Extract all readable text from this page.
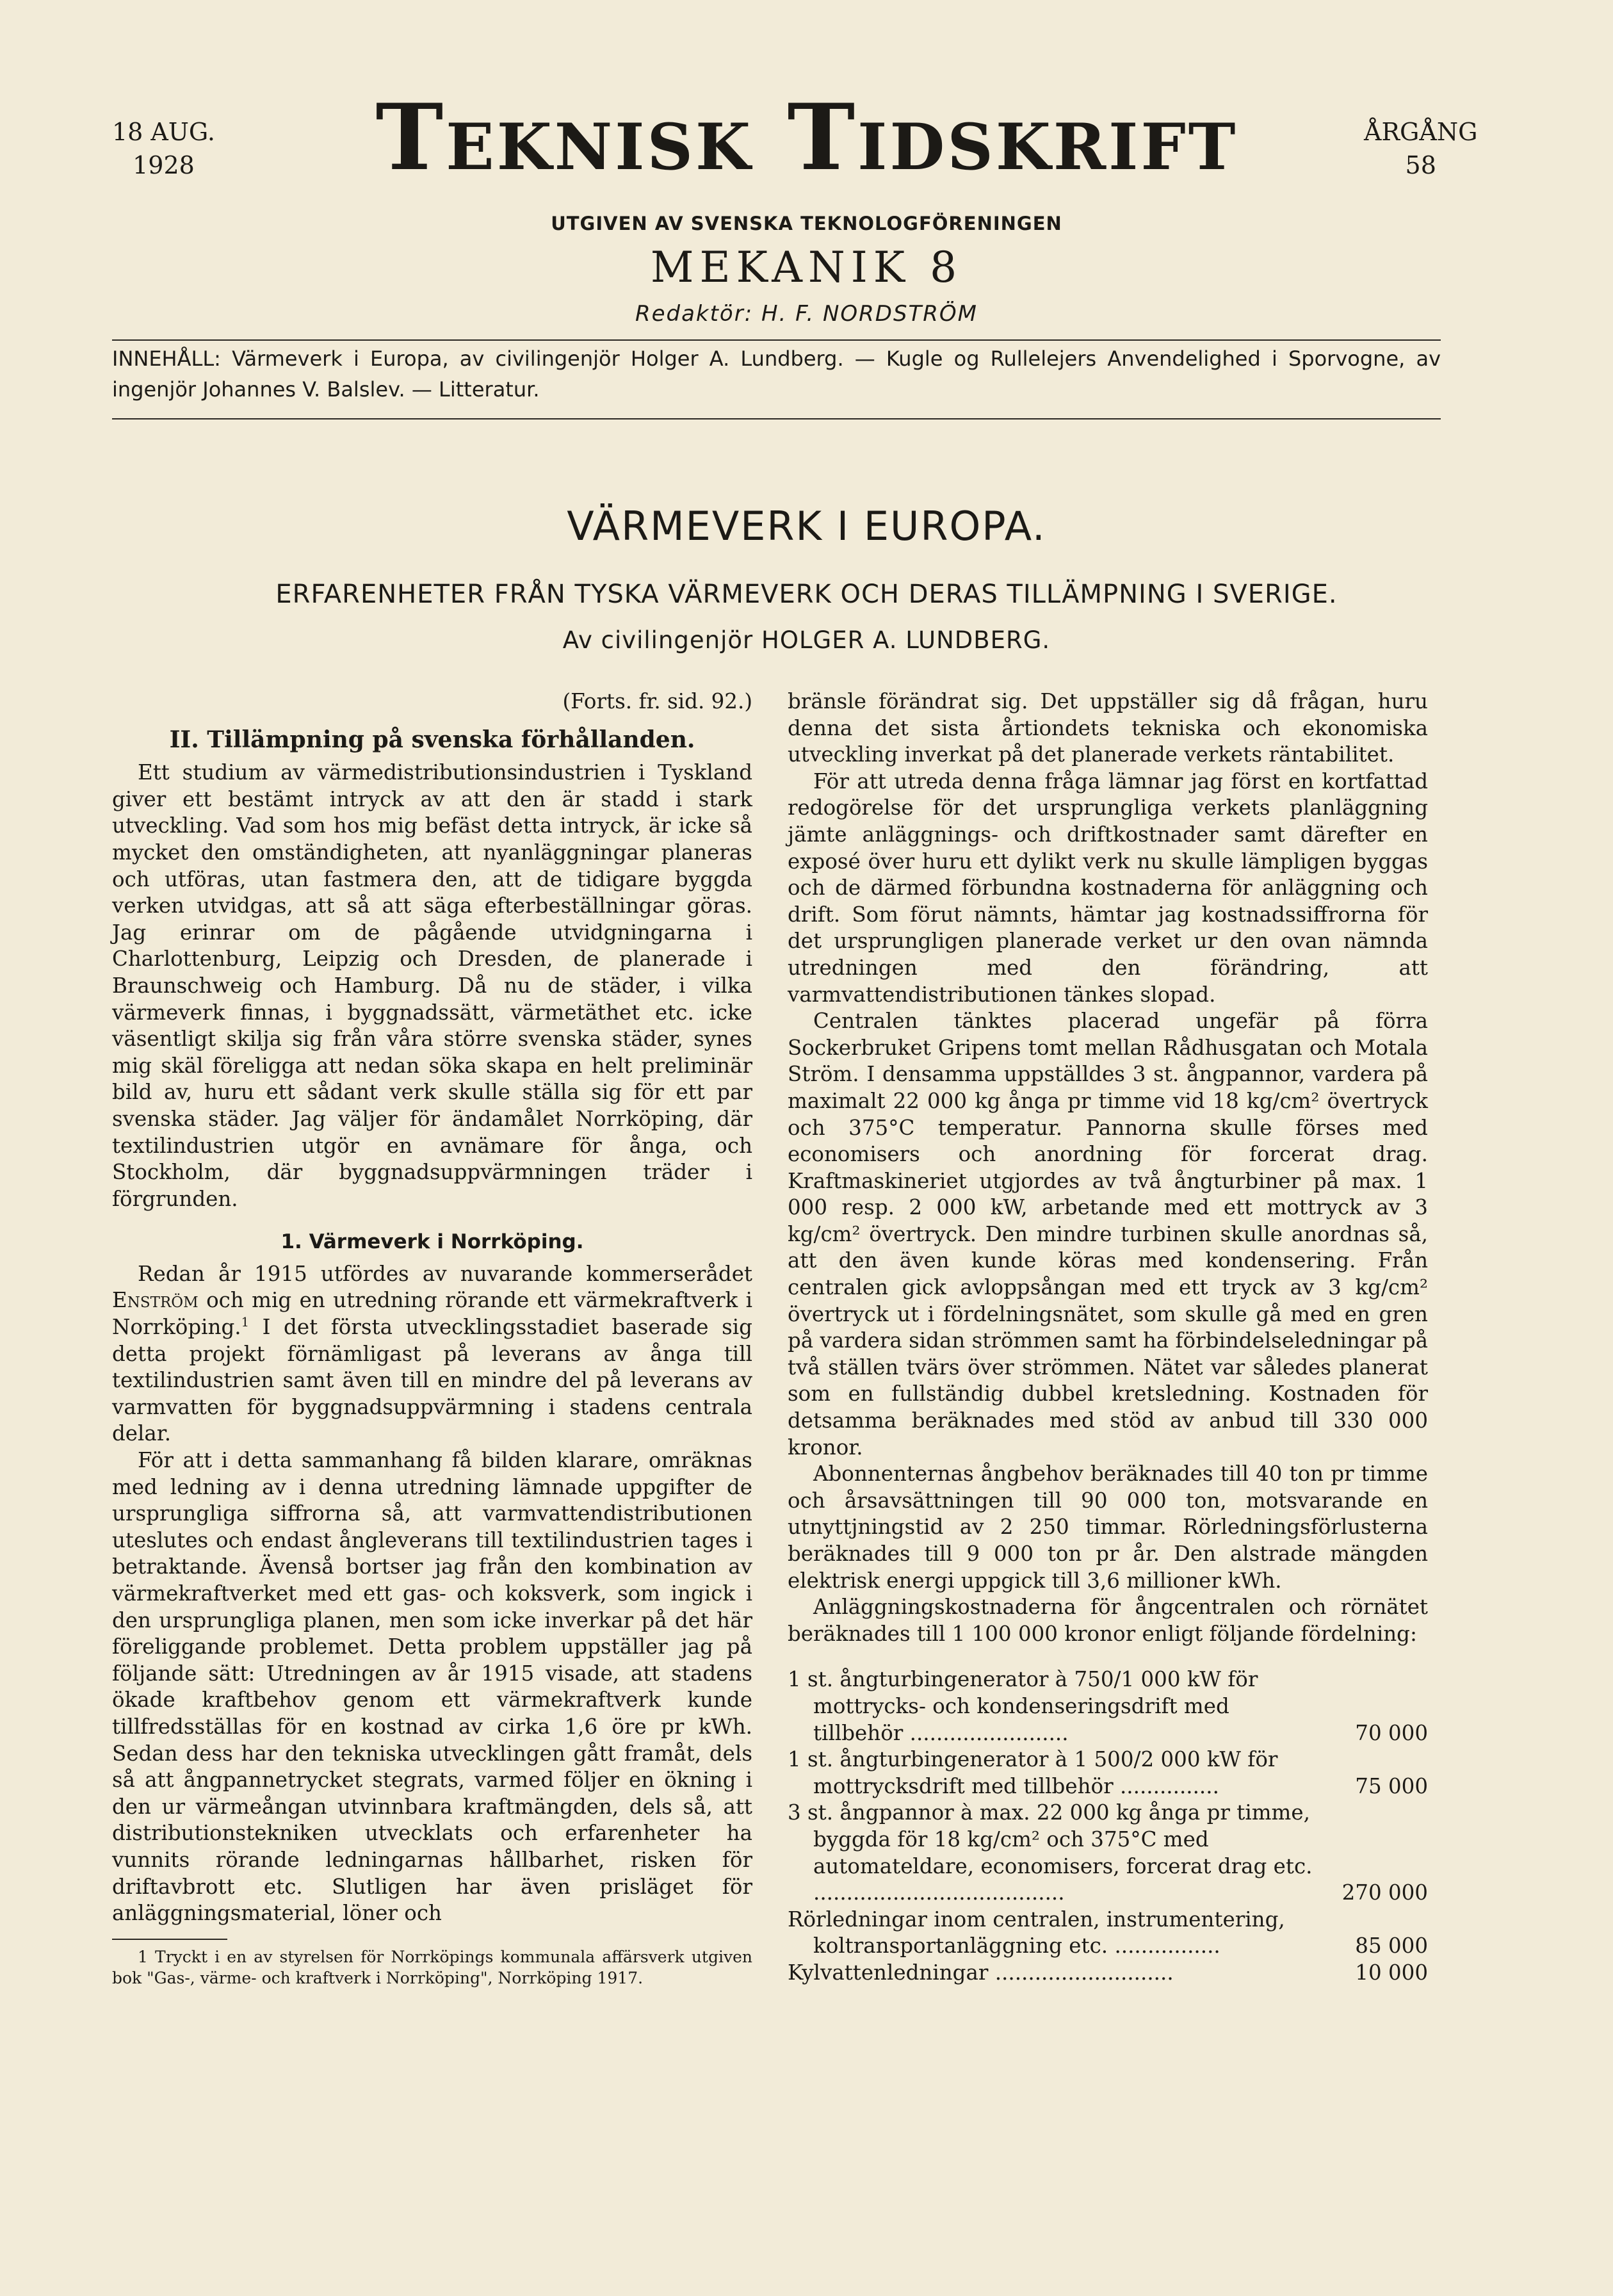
18 AUG.
1928	Teknisk Tidskrift	ÅRGÅNG
58
UTGIVEN AV SVENSKA TEKNOLOGFÖRENINGEN
MEKANIK 8
Redaktör: H. F. NORDSTRÖM
INNEHÅLL: Värmeverk i Europa, av civilingenjör Holger A. Lundberg. — Kugle og Rullelejers Anvendelighed i Sporvogne, av ingenjör Johannes V. Balslev. — Litteratur.
VÄRMEVERK I EUROPA.
ERFARENHETER FRÅN TYSKA VÄRMEVERK OCH DERAS TILLÄMPNING I SVERIGE.
Av civilingenjör HOLGER A. LUNDBERG.

(Forts. fr. sid. 92.)

II. Tillämpning på svenska förhållanden.

Ett studium av värmedistributionsindustrien i Tyskland giver ett bestämt intryck av att den är stadd i stark utveckling. Vad som hos mig befäst detta intryck, är icke så mycket den omständigheten, att nyanläggningar planeras och utföras, utan fastmera den, att de tidigare byggda verken utvidgas, att så att säga efterbeställningar göras. Jag erinrar om de pågående utvidgningarna i Charlottenburg, Leipzig och Dresden, de planerade i Braunschweig och Hamburg. Då nu de städer, i vilka värmeverk finnas, i byggnadssätt, värmetäthet etc. icke väsentligt skilja sig från våra större svenska städer, synes mig skäl föreligga att nedan söka skapa en helt preliminär bild av, huru ett sådant verk skulle ställa sig för ett par svenska städer. Jag väljer för ändamålet Norrköping, där textilindustrien utgör en avnämare för ånga, och Stockholm, där byggnadsuppvärmningen träder i förgrunden.

1. Värmeverk i Norrköping.

Redan år 1915 utfördes av nuvarande kommerserådet Enström och mig en utredning rörande ett värmekraftverk i Norrköping.$^1$ I det första utvecklingsstadiet baserade sig detta projekt förnämligast på leverans av ånga till textilindustrien samt även till en mindre del på leverans av varmvatten för byggnadsuppvärmning i stadens centrala delar.

För att i detta sammanhang få bilden klarare, omräknas med ledning av i denna utredning lämnade uppgifter de ursprungliga siffrorna så, att varmvattendistributionen uteslutes och endast ångleverans till textilindustrien tages i betraktande. Ävenså bortser jag från den kombination av värmekraftverket med ett gas- och koksverk, som ingick i den ursprungliga planen, men som icke inverkar på det här föreliggande problemet. Detta problem uppställer jag på följande sätt: Utredningen av år 1915 visade, att stadens ökade kraftbehov genom ett värmekraftverk kunde tillfredsställas för en kostnad av cirka 1,6 öre pr kWh. Sedan dess har den tekniska utvecklingen gått framåt, dels så att ångpannetrycket stegrats, varmed följer en ökning i den ur värmeångan utvinnbara kraftmängden, dels så, att distributionstekniken utvecklats och erfarenheter ha vunnits rörande ledningarnas hållbarhet, risken för driftavbrott etc. Slutligen har även prisläget för anläggningsmaterial, löner och

1 Tryckt i en av styrelsen för Norrköpings kommunala affärsverk utgiven bok "Gas-, värme- och kraftverk i Norrköping", Norrköping 1917.

bränsle förändrat sig. Det uppställer sig då frågan, huru denna det sista årtiondets tekniska och ekonomiska utveckling inverkat på det planerade verkets räntabilitet.

För att utreda denna fråga lämnar jag först en kortfattad redogörelse för det ursprungliga verkets planläggning jämte anläggnings- och driftkostnader samt därefter en exposé över huru ett dylikt verk nu skulle lämpligen byggas och de därmed förbundna kostnaderna för anläggning och drift. Som förut nämnts, hämtar jag kostnadssiffrorna för det ursprungligen planerade verket ur den ovan nämnda utredningen med den förändring, att varmvattendistributionen tänkes slopad.

Centralen tänktes placerad ungefär på förra Sockerbruket Gripens tomt mellan Rådhusgatan och Motala Ström. I densamma uppställdes 3 st. ångpannor, vardera på maximalt 22 000 kg ånga pr timme vid 18 kg/cm² övertryck och 375°C temperatur. Pannorna skulle förses med economisers och anordning för forcerat drag. Kraftmaskineriet utgjordes av två ångturbiner på max. 1 000 resp. 2 000 kW, arbetande med ett mottryck av 3 kg/cm² övertryck. Den mindre turbinen skulle anordnas så, att den även kunde köras med kondensering. Från centralen gick avloppsångan med ett tryck av 3 kg/cm² övertryck ut i fördelningsnätet, som skulle gå med en gren på vardera sidan strömmen samt ha förbindelseledningar på två ställen tvärs över strömmen. Nätet var således planerat som en fullständig dubbel kretsledning. Kostnaden för detsamma beräknades med stöd av anbud till 330 000 kronor.

Abonnenternas ångbehov beräknades till 40 ton pr timme och årsavsättningen till 90 000 ton, motsvarande en utnyttjningstid av 2 250 timmar. Rörledningsförlusterna beräknades till 9 000 ton pr år. Den alstrade mängden elektrisk energi uppgick till 3,6 millioner kWh.

Anläggningskostnaderna för ångcentralen och rörnätet beräknades till 1 100 000 kronor enligt följande fördelning:

1 st. ångturbingenerator à 750/1 000 kW för mottrycks- och kondenseringsdrift med tillbehör ........................	70 000
1 st. ångturbingenerator à 1 500/2 000 kW för mottrycksdrift med tillbehör ...............	75 000
3 st. ångpannor à max. 22 000 kg ånga pr timme, byggda för 18 kg/cm² och 375°C med automateldare, economisers, forcerat drag etc. ......................................	270 000
Rörledningar inom centralen, instrumentering, koltransportanläggning etc. ................	85 000
Kylvattenledningar ...........................	10 000
